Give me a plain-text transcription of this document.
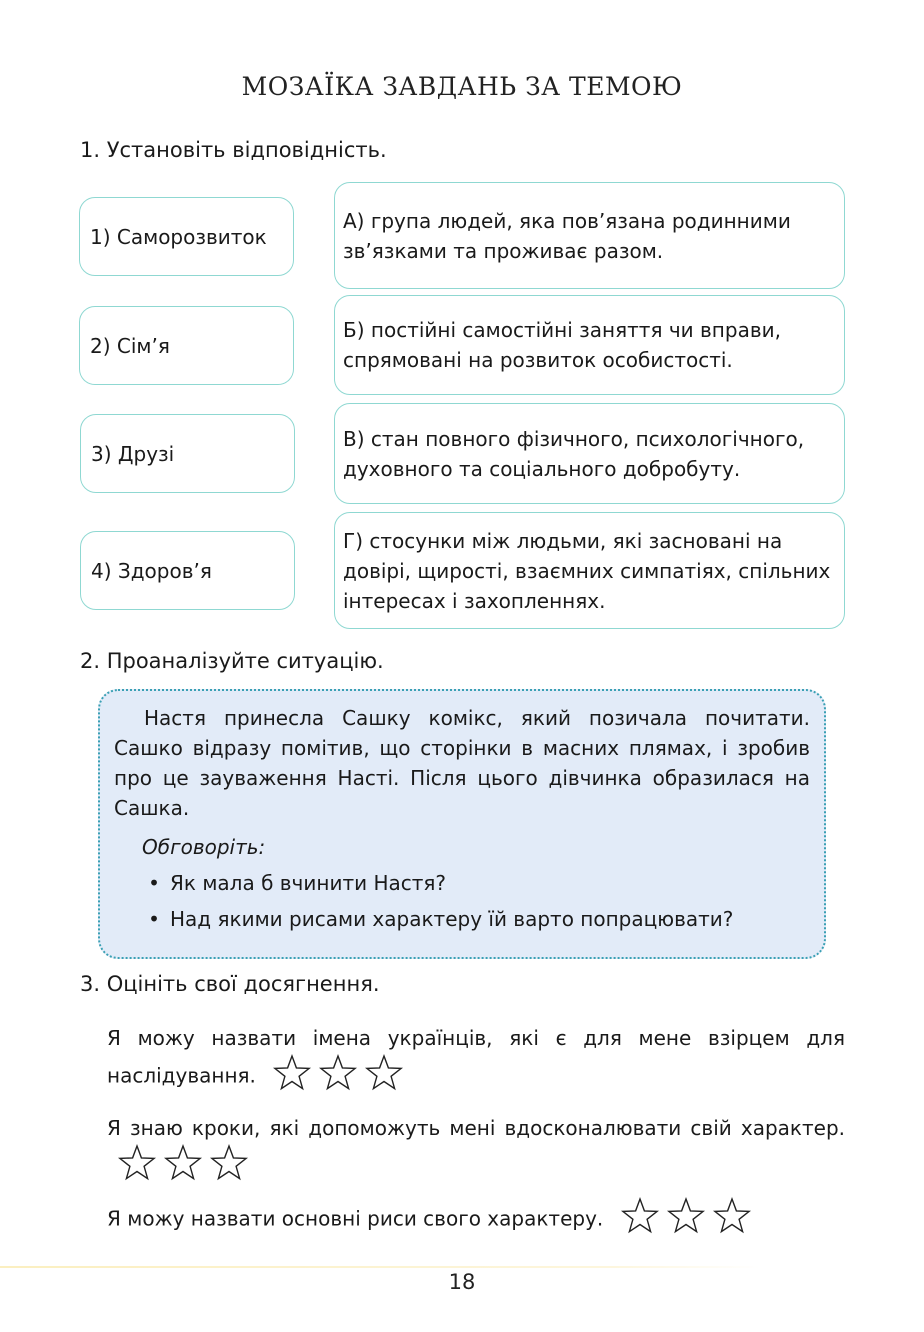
МОЗАЇКА ЗАВДАНЬ ЗА ТЕМОЮ
1. Установіть відповідність.
1) Саморозвиток
2) Сім’я
3) Друзі
4) Здоров’я
А) група людей, яка пов’язана родинними зв’язками та проживає разом.
Б) постійні самостійні заняття чи вправи, спрямовані на розвиток особистості.
В) стан повного фізичного, психологічного, духовного та соціального добробуту.
Г) стосунки між людьми, які засновані на довірі, щирості, взаємних симпатіях, спільних інтересах і захопленнях.
2. Проаналізуйте ситуацію.

Настя принесла Сашку комікс, який позичала почитати. Сашко відразу помітив, що сторінки в масних плямах, і зробив про це зауваження Насті. Після цього дівчинка образилася на Сашка.

Обговоріть:
• Як мала б вчинити Настя?
• Над якими рисами характеру їй варто попрацювати?
3. Оцініть свої досягнення.
Я можу назвати імена українців, які є для мене взірцем для наслідування.
Я знаю кроки, які допоможуть мені вдосконалювати свій характер.
Я можу назвати основні риси свого характеру.
18
